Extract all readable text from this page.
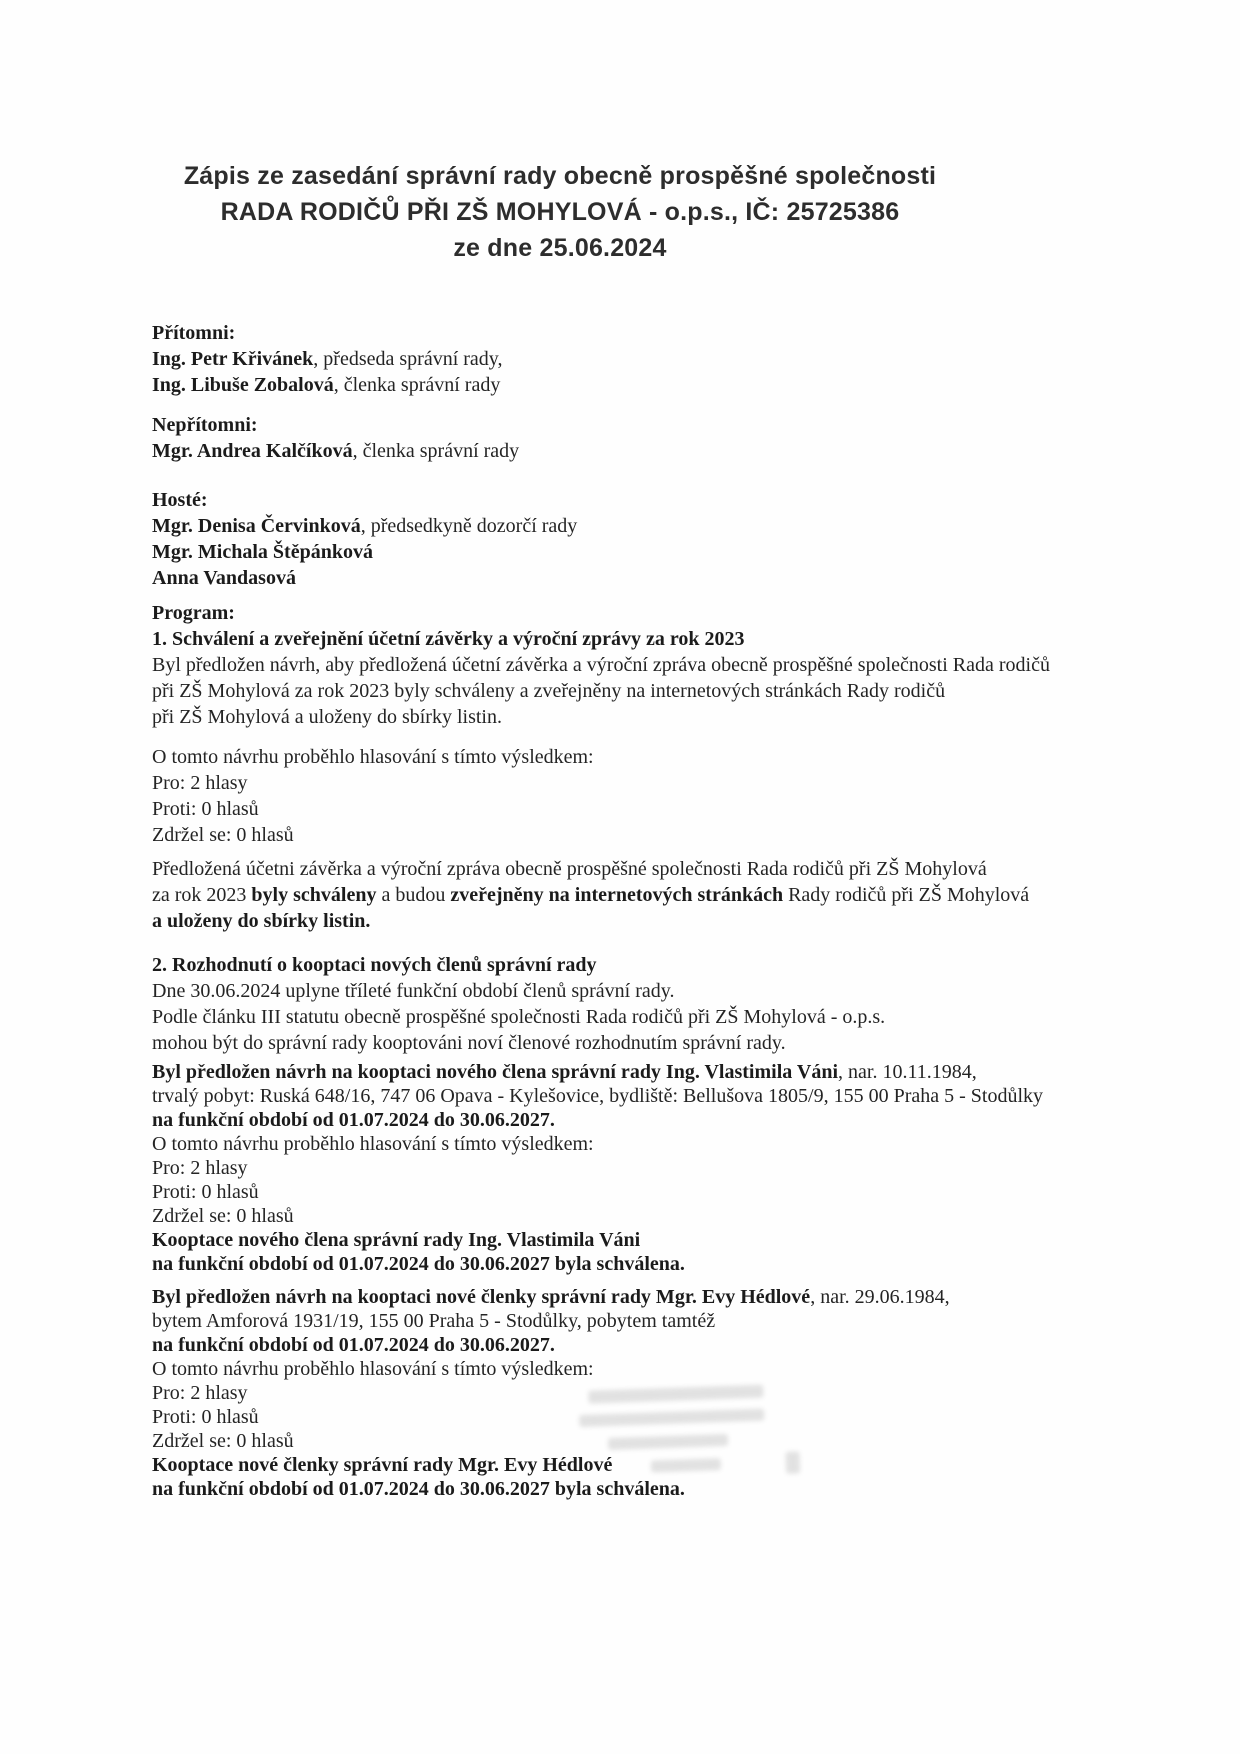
Zápis ze zasedání správní rady obecně prospěšné společnosti

RADA RODIČŮ PŘI ZŠ MOHYLOVÁ - o.p.s., IČ: 25725386

ze dne 25.06.2024

Přítomni:

Ing. Petr Křivánek, předseda správní rady,

Ing. Libuše Zobalová, členka správní rady

Nepřítomni:

Mgr. Andrea Kalčíková, členka správní rady

Hosté:

Mgr. Denisa Červinková, předsedkyně dozorčí rady

Mgr. Michala Štěpánková

Anna Vandasová

Program:

1. Schválení a zveřejnění účetní závěrky a výroční zprávy za rok 2023

Byl předložen návrh, aby předložená účetní závěrka a výroční zpráva obecně prospěšné společnosti Rada rodičů

při ZŠ Mohylová za rok 2023 byly schváleny a zveřejněny na internetových stránkách Rady rodičů

při ZŠ Mohylová a uloženy do sbírky listin.

O tomto návrhu proběhlo hlasování s tímto výsledkem:

Pro: 2 hlasy

Proti: 0 hlasů

Zdržel se: 0 hlasů

Předložená účetni závěrka a výroční zpráva obecně prospěšné společnosti Rada rodičů při ZŠ Mohylová

za rok 2023 byly schváleny a budou zveřejněny na internetových stránkách Rady rodičů při ZŠ Mohylová

a uloženy do sbírky listin.

2. Rozhodnutí o kooptaci nových členů správní rady

Dne 30.06.2024 uplyne tříleté funkční období členů správní rady.

Podle článku III statutu obecně prospěšné společnosti Rada rodičů při ZŠ Mohylová - o.p.s.

mohou být do správní rady kooptováni noví členové rozhodnutím správní rady.

Byl předložen návrh na kooptaci nového člena správní rady Ing. Vlastimila Váni, nar. 10.11.1984,

trvalý pobyt: Ruská 648/16, 747 06 Opava - Kylešovice, bydliště: Bellušova 1805/9, 155 00 Praha 5 - Stodůlky

na funkční období od 01.07.2024 do 30.06.2027.

O tomto návrhu proběhlo hlasování s tímto výsledkem:

Pro: 2 hlasy

Proti: 0 hlasů

Zdržel se: 0 hlasů

Kooptace nového člena správní rady Ing. Vlastimila Váni

na funkční období od 01.07.2024 do 30.06.2027 byla schválena.

Byl předložen návrh na kooptaci nové členky správní rady Mgr. Evy Hédlové, nar. 29.06.1984,

bytem Amforová 1931/19, 155 00 Praha 5 - Stodůlky, pobytem tamtéž

na funkční období od 01.07.2024 do 30.06.2027.

O tomto návrhu proběhlo hlasování s tímto výsledkem:

Pro: 2 hlasy

Proti: 0 hlasů

Zdržel se: 0 hlasů

Kooptace nové členky správní rady Mgr. Evy Hédlové

na funkční období od 01.07.2024 do 30.06.2027 byla schválena.
